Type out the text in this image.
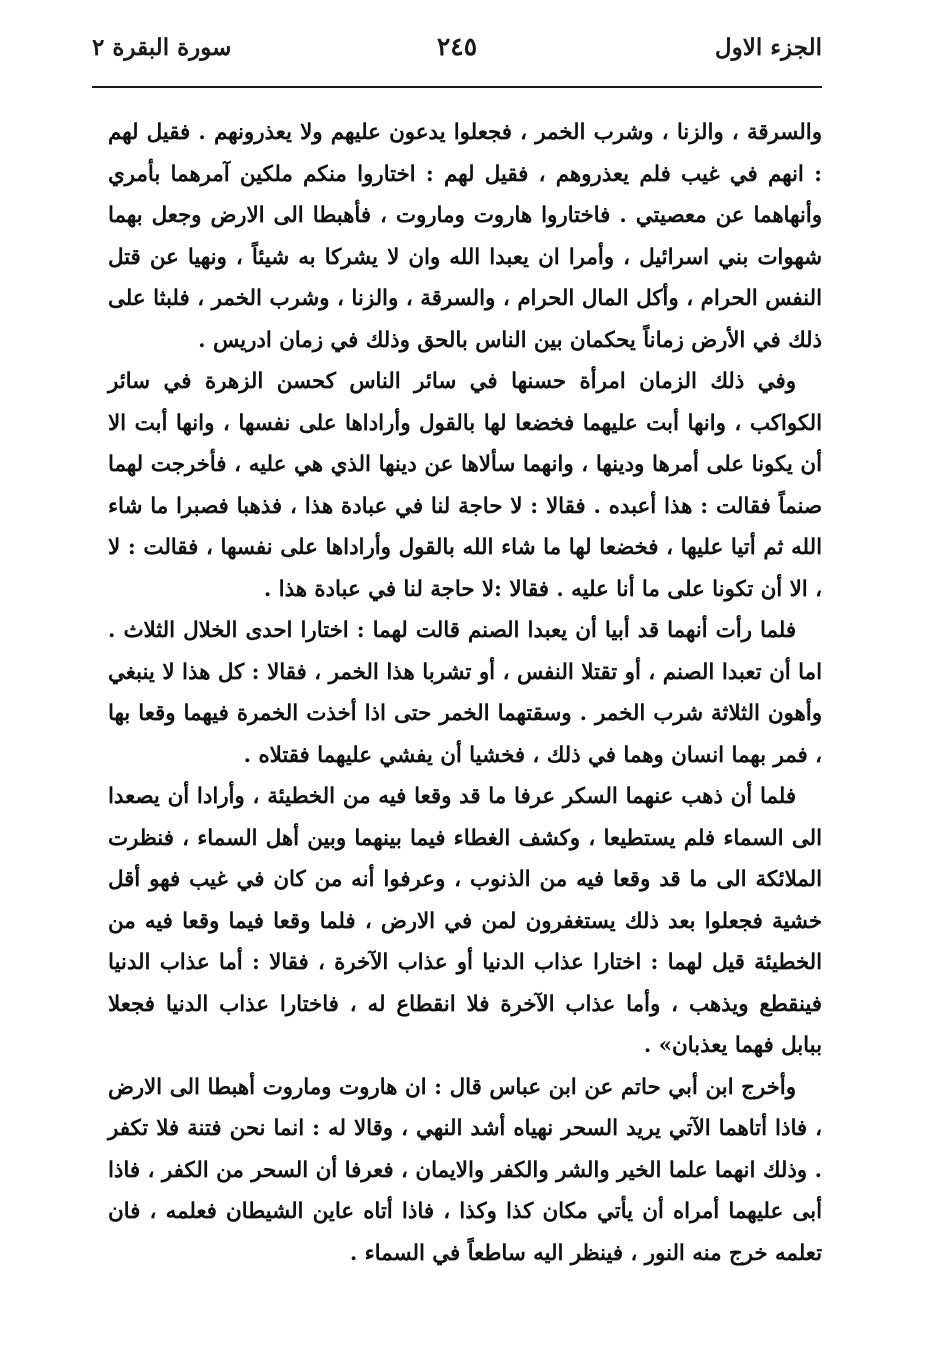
الجزء الاول
٢٤٥
سورة البقرة ٢

والسرقة ، والزنا ، وشرب الخمر ، فجعلوا يدعون عليهم ولا يعذرونهم . فقيل لهم : انهم في غيب فلم يعذروهم ، فقيل لهم : اختاروا منكم ملكين آمرهما بأمري وأنهاهما عن معصيتي . فاختاروا هاروت وماروت ، فأهبطا الى الارض وجعل بهما شهوات بني اسرائيل ، وأمرا ان يعبدا الله وان لا يشركا به شيئاً ، ونهيا عن قتل النفس الحرام ، وأكل المال الحرام ، والسرقة ، والزنا ، وشرب الخمر ، فلبثا على ذلك في الأرض زماناً يحكمان بين الناس بالحق وذلك في زمان ادريس .

وفي ذلك الزمان امرأة حسنها في سائر الناس كحسن الزهرة في سائر الكواكب ، وانها أبت عليهما فخضعا لها بالقول وأراداها على نفسها ، وانها أبت الا أن يكونا على أمرها ودينها ، وانهما سألاها عن دينها الذي هي عليه ، فأخرجت لهما صنماً فقالت : هذا أعبده . فقالا : لا حاجة لنا في عبادة هذا ، فذهبا فصبرا ما شاء الله ثم أتيا عليها ، فخضعا لها ما شاء الله بالقول وأراداها على نفسها ، فقالت : لا ، الا أن تكونا على ما أنا عليه . فقالا :لا حاجة لنا في عبادة هذا .

فلما رأت أنهما قد أبيا أن يعبدا الصنم قالت لهما : اختارا احدى الخلال الثلاث . اما أن تعبدا الصنم ، أو تقتلا النفس ، أو تشربا هذا الخمر ، فقالا : كل هذا لا ينبغي وأهون الثلاثة شرب الخمر . وسقتهما الخمر حتى اذا أخذت الخمرة فيهما وقعا بها ، فمر بهما انسان وهما في ذلك ، فخشيا أن يفشي عليهما فقتلاه .

فلما أن ذهب عنهما السكر عرفا ما قد وقعا فيه من الخطيئة ، وأرادا أن يصعدا الى السماء فلم يستطيعا ، وكشف الغطاء فيما بينهما وبين أهل السماء ، فنظرت الملائكة الى ما قد وقعا فيه من الذنوب ، وعرفوا أنه من كان في غيب فهو أقل خشية فجعلوا بعد ذلك يستغفرون لمن في الارض ، فلما وقعا فيما وقعا فيه من الخطيئة قيل لهما : اختارا عذاب الدنيا أو عذاب الآخرة ، فقالا : أما عذاب الدنيا فينقطع ويذهب ، وأما عذاب الآخرة فلا انقطاع له ، فاختارا عذاب الدنيا فجعلا ببابل فهما يعذبان» .

وأخرج ابن أبي حاتم عن ابن عباس قال : ان هاروت وماروت أهبطا الى الارض ، فاذا أتاهما الآتي يريد السحر نهياه أشد النهي ، وقالا له : انما نحن فتنة فلا تكفر . وذلك انهما علما الخير والشر والكفر والايمان ، فعرفا أن السحر من الكفر ، فاذا أبى عليهما أمراه أن يأتي مكان كذا وكذا ، فاذا أتاه عاين الشيطان فعلمه ، فان تعلمه خرج منه النور ، فينظر اليه ساطعاً في السماء .
